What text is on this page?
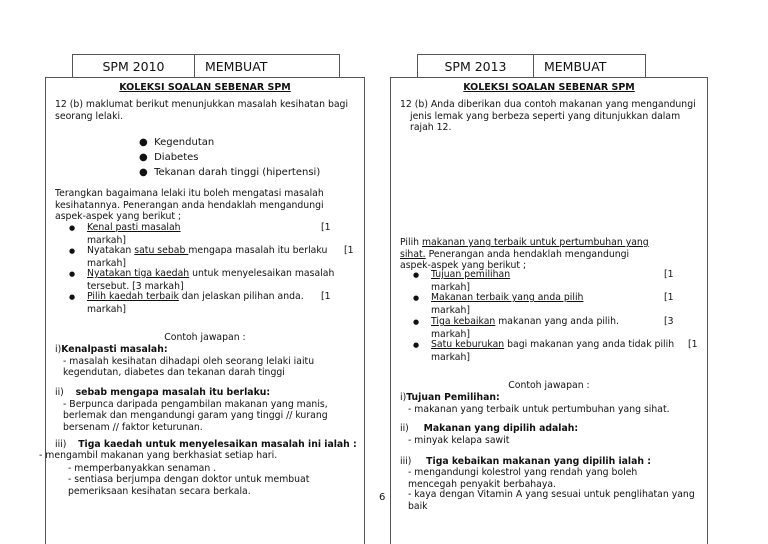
SPM 2010	MEMBUAT
KOLEKSI SOALAN SEBENAR SPM
12 (b) maklumat berikut menunjukkan masalah kesihatan bagi seorang lelaki.
●  Kegendutan
●  Diabetes
●  Tekanan darah tinggi (hipertensi)
Terangkan bagaimana lelaki itu boleh mengatasi masalah kesihatannya. Penerangan anda hendaklah mengandungi aspek-aspek yang berikut ;
● Kenal pasti masalah	[1
markah]
● Nyatakan satu sebab mengapa masalah itu berlaku [1
markah]
● Nyatakan tiga kaedah untuk menyelesaikan masalah
tersebut. [3 markah]
● Pilih kaedah terbaik dan jelaskan pilihan anda. [1
markah]
Contoh jawapan :
i)Kenalpasti masalah:
- masalah kesihatan dihadapi oleh seorang lelaki iaitu kegendutan, diabetes dan tekanan darah tinggi
ii) sebab mengapa masalah itu berlaku:
- Berpunca daripada pengambilan makanan yang manis, berlemak dan mengandungi garam yang tinggi // kurang bersenam // faktor keturunan.
iii) Tiga kaedah untuk menyelesaikan masalah ini ialah :
- memperbanyakkan senaman .
- sentiasa berjumpa dengan doktor untuk membuat pemeriksaan kesihatan secara berkala.
- mengambil makanan yang berkhasiat setiap hari.
6
SPM 2013	MEMBUAT
KOLEKSI SOALAN SEBENAR SPM
12 (b) Anda diberikan dua contoh makanan yang mengandungi jenis lemak yang berbeza seperti yang ditunjukkan dalam rajah 12.
Pilih makanan yang terbaik untuk pertumbuhan yang sihat. Penerangan anda hendaklah mengandungi aspek-aspek yang berikut ;
● Tujuan pemilihan	[1
markah]
● Makanan terbaik yang anda pilih	[1
markah]
● Tiga kebaikan makanan yang anda pilih.	[3
markah]
● Satu keburukan bagi makanan yang anda tidak pilih [1
markah]
Contoh jawapan :
i)Tujuan Pemilihan:
- makanan yang terbaik untuk pertumbuhan yang sihat.
ii) Makanan yang dipilih adalah:
- minyak kelapa sawit
iii) Tiga kebaikan makanan yang dipilih ialah :
- mengandungi kolestrol yang rendah yang boleh mencegah penyakit berbahaya.
- kaya dengan Vitamin A yang sesuai untuk penglihatan yang baik
